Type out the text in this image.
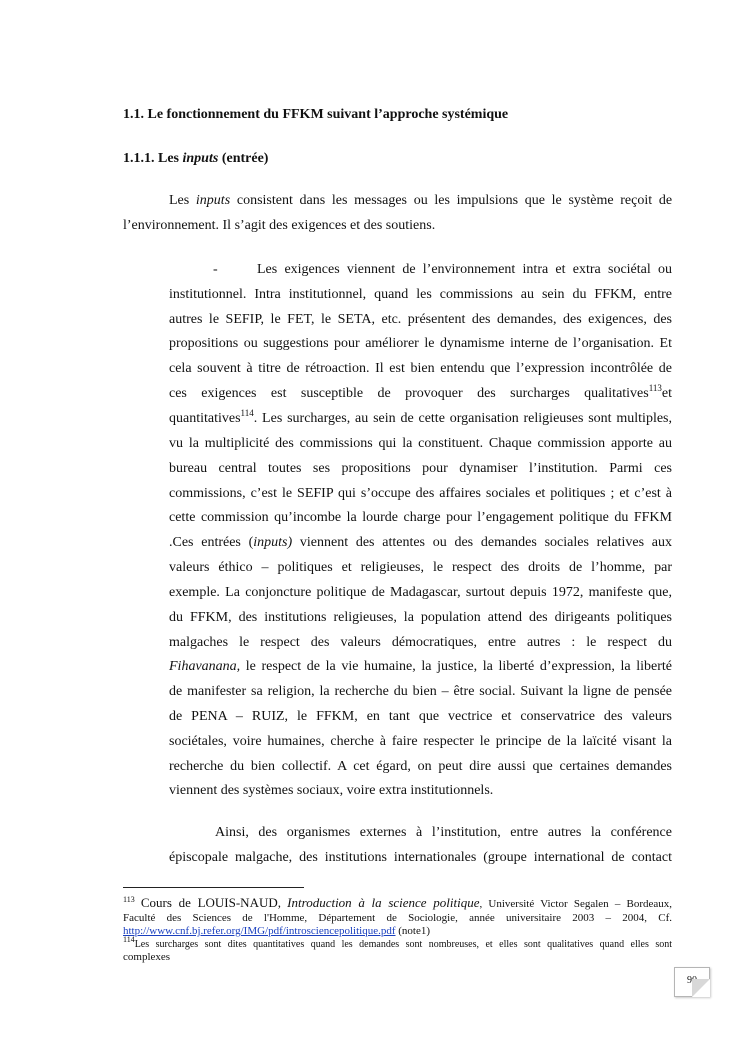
1.1. Le fonctionnement du FFKM suivant l’approche systémique
1.1.1. Les inputs (entrée)
Les inputs consistent dans les messages ou les impulsions que le système reçoit de
l’environnement. Il s’agit des exigences et des soutiens.
-	Les exigences viennent de l’environnement intra et extra sociétal ou
institutionnel. Intra institutionnel, quand les commissions au sein du FFKM, entre
autres le SEFIP, le FET, le SETA, etc. présentent des demandes, des exigences, des
propositions ou suggestions pour améliorer le dynamisme interne de l’organisation. Et
cela souvent à titre de rétroaction. Il est bien entendu que l’expression incontrôlée de
ces exigences est susceptible de provoquer des surcharges qualitatives$^{113}$et
quantitatives$^{114}$. Les surcharges, au sein de cette organisation religieuses sont multiples,
vu la multiplicité des commissions qui la constituent. Chaque commission apporte au
bureau central toutes ses propositions pour dynamiser l’institution. Parmi ces
commissions, c’est le SEFIP qui s’occupe des affaires sociales et politiques ; et c’est à
cette commission qu’incombe la lourde charge pour l’engagement politique du FFKM
.Ces entrées (inputs) viennent des attentes ou des demandes sociales relatives aux
valeurs éthico – politiques et religieuses, le respect des droits de l’homme, par
exemple. La conjoncture politique de Madagascar, surtout depuis 1972, manifeste que,
du FFKM, des institutions religieuses, la population attend des dirigeants politiques
malgaches le respect des valeurs démocratiques, entre autres : le respect du
Fihavanana, le respect de la vie humaine, la justice, la liberté d’expression, la liberté
de manifester sa religion, la recherche du bien – être social. Suivant la ligne de pensée
de PENA – RUIZ, le FFKM, en tant que vectrice et conservatrice des valeurs
sociétales, voire humaines, cherche à faire respecter le principe de la laïcité visant la
recherche du bien collectif. A cet égard, on peut dire aussi que certaines demandes
viennent des systèmes sociaux, voire extra institutionnels.
Ainsi, des organismes externes à l’institution, entre autres la conférence
épiscopale malgache, des institutions internationales (groupe international de contact
$^{113}$ Cours de LOUIS-NAUD, Introduction à la science politique, Université Victor Segalen – Bordeaux,
Faculté des Sciences de l'Homme, Département de Sociologie, année universitaire 2003 – 2004, Cf.
http://www.cnf.bj.refer.org/IMG/pdf/introsciencepolitique.pdf (note1)
$^{114}$Les surcharges sont dites quantitatives quand les demandes sont nombreuses, et elles sont qualitatives quand elles sont
complexes
90
